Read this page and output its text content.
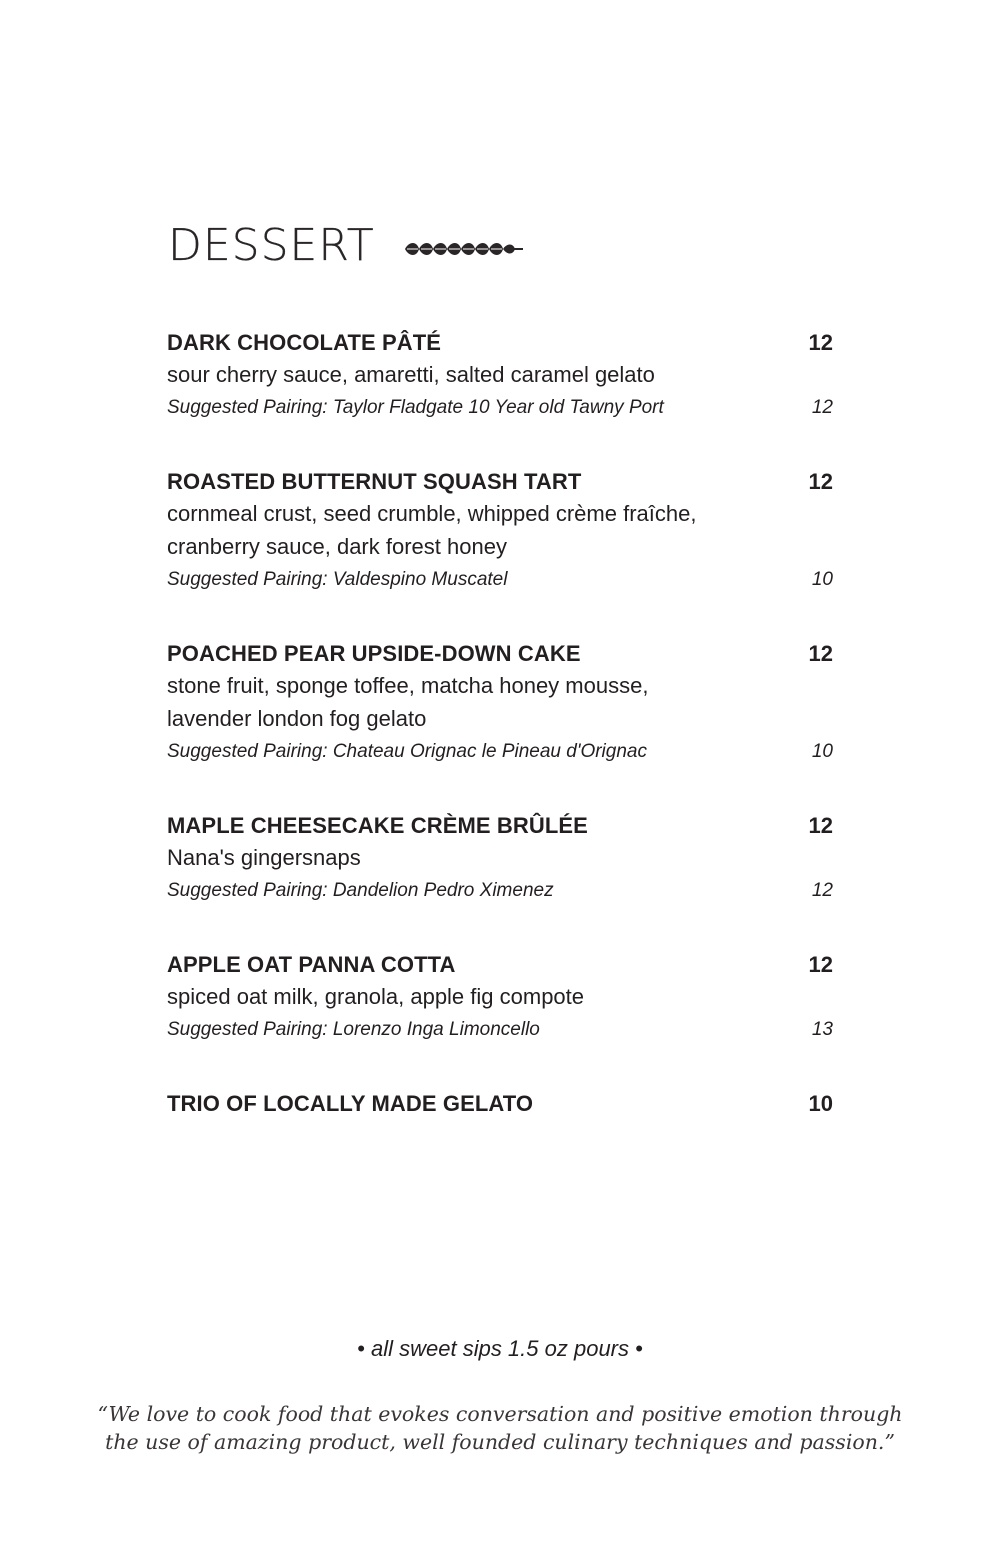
DESSERT
DARK CHOCOLATE PÂTÉ	12
sour cherry sauce, amaretti, salted caramel gelato
Suggested Pairing: Taylor Fladgate 10 Year old Tawny Port	12
ROASTED BUTTERNUT SQUASH TART	12
cornmeal crust, seed crumble, whipped crème fraîche,
cranberry sauce, dark forest honey
Suggested Pairing: Valdespino Muscatel	10
POACHED PEAR UPSIDE-DOWN CAKE	12
stone fruit, sponge toffee, matcha honey mousse,
lavender london fog gelato
Suggested Pairing: Chateau Orignac le Pineau d'Orignac	10
MAPLE CHEESECAKE CRÈME BRÛLÉE	12
Nana's gingersnaps
Suggested Pairing: Dandelion Pedro Ximenez	12
APPLE OAT PANNA COTTA	12
spiced oat milk, granola, apple fig compote
Suggested Pairing: Lorenzo Inga Limoncello	13
TRIO OF LOCALLY MADE GELATO	10
• all sweet sips 1.5 oz pours •
“We love to cook food that evokes conversation and positive emotion through
the use of amazing product, well founded culinary techniques and passion.”
